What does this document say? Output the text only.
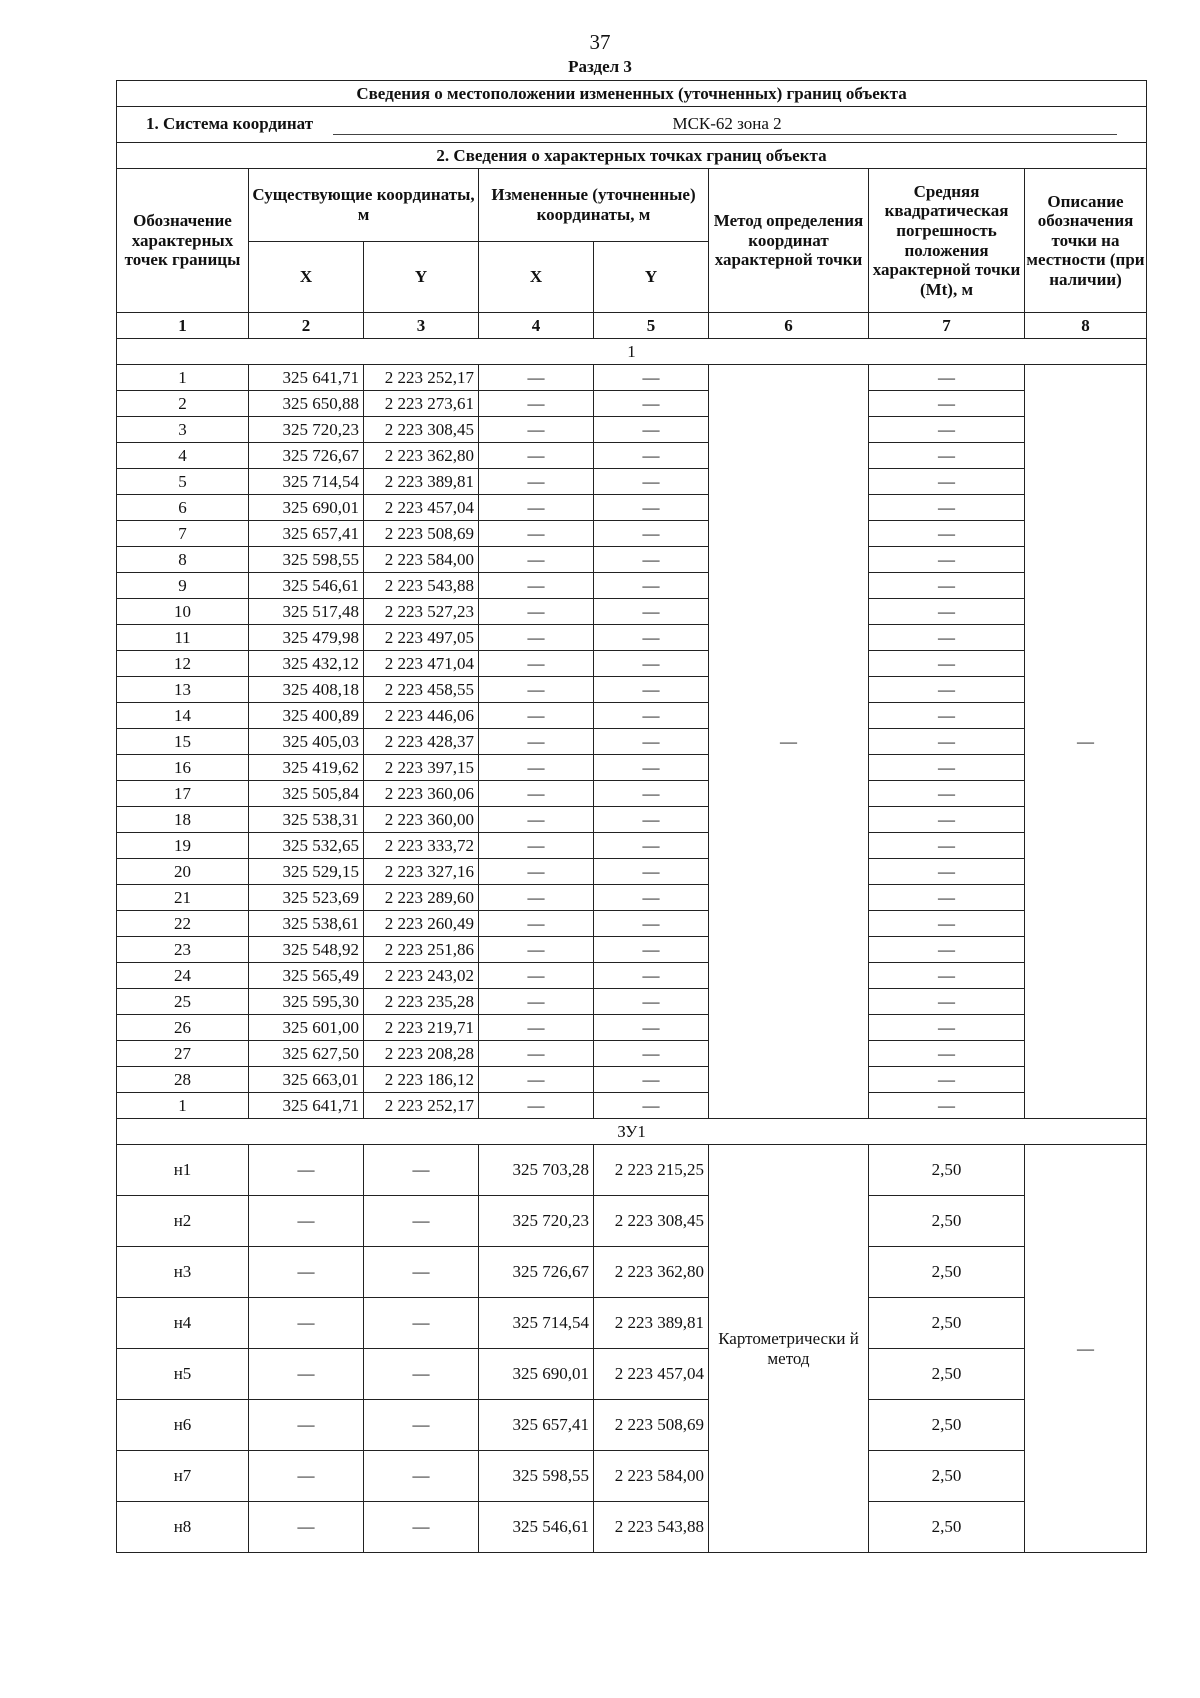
37
Раздел 3
Сведения о местоположении измененных (уточненных) границ объекта							
1. Система координат МСК-62 зона 2							
2. Сведения о характерных точках границ объекта							
Обозначение характерных точек границы	Существующие координаты, м		Измененные (уточненные) координаты, м		Метод определения координат характерной точки	Средняя квадратическая погрешность положения характерной точки (Mt), м	Описание обозначения точки на местности (при наличии)
	X	Y	X	Y			
1	2	3	4	5	6	7	8
1							
1	325 641,71	2 223 252,17	—	—	—	—	—
2	325 650,88	2 223 273,61	—	—		—	
3	325 720,23	2 223 308,45	—	—		—	
4	325 726,67	2 223 362,80	—	—		—	
5	325 714,54	2 223 389,81	—	—		—	
6	325 690,01	2 223 457,04	—	—		—	
7	325 657,41	2 223 508,69	—	—		—	
8	325 598,55	2 223 584,00	—	—		—	
9	325 546,61	2 223 543,88	—	—		—	
10	325 517,48	2 223 527,23	—	—		—	
11	325 479,98	2 223 497,05	—	—		—	
12	325 432,12	2 223 471,04	—	—		—	
13	325 408,18	2 223 458,55	—	—		—	
14	325 400,89	2 223 446,06	—	—		—	
15	325 405,03	2 223 428,37	—	—		—	
16	325 419,62	2 223 397,15	—	—		—	
17	325 505,84	2 223 360,06	—	—		—	
18	325 538,31	2 223 360,00	—	—		—	
19	325 532,65	2 223 333,72	—	—		—	
20	325 529,15	2 223 327,16	—	—		—	
21	325 523,69	2 223 289,60	—	—		—	
22	325 538,61	2 223 260,49	—	—		—	
23	325 548,92	2 223 251,86	—	—		—	
24	325 565,49	2 223 243,02	—	—		—	
25	325 595,30	2 223 235,28	—	—		—	
26	325 601,00	2 223 219,71	—	—		—	
27	325 627,50	2 223 208,28	—	—		—	
28	325 663,01	2 223 186,12	—	—		—	
1	325 641,71	2 223 252,17	—	—		—	
ЗУ1							
н1	—	—	325 703,28	2 223 215,25	Картометрически й метод	2,50	—
н2	—	—	325 720,23	2 223 308,45		2,50	
н3	—	—	325 726,67	2 223 362,80		2,50	
н4	—	—	325 714,54	2 223 389,81		2,50	
н5	—	—	325 690,01	2 223 457,04		2,50	
н6	—	—	325 657,41	2 223 508,69		2,50	
н7	—	—	325 598,55	2 223 584,00		2,50	
н8	—	—	325 546,61	2 223 543,88		2,50	
